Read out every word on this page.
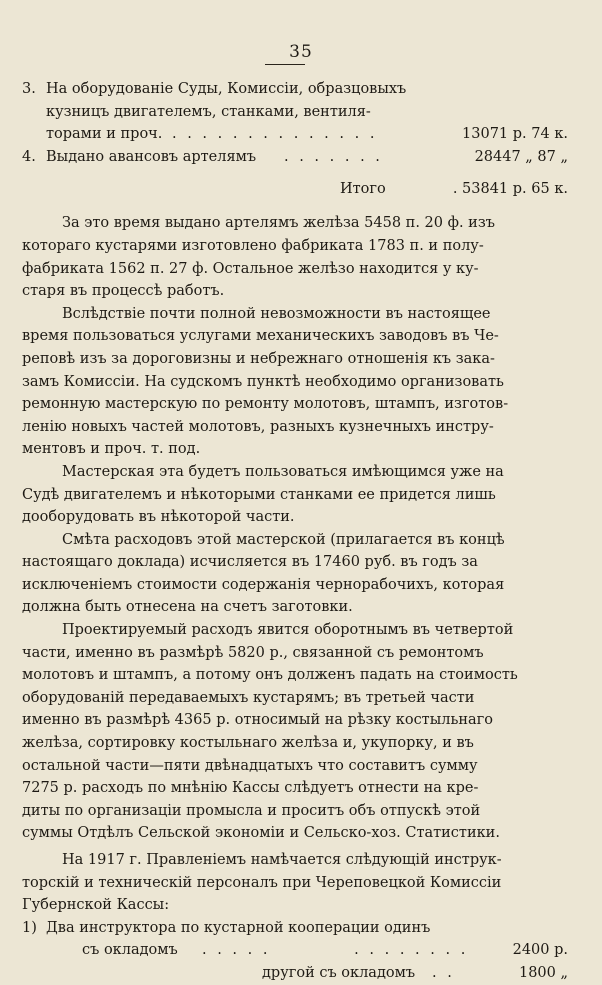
35
3. На оборудованіе Суды, Комиссіи, образцовыхъ
кузницъ двигателемъ, станками, вентиля-
торами и проч. . . . . . . . . . . . . . .	13071 р. 74 к.
4. Выдано авансовъ артелямъ . . . . . . .	28447 „ 87 „
Итого	. 53841 р. 65 к.
За это время выдано артелямъ желѣза 5458 п. 20 ф. изъ
котораго кустарями изготовлено фабриката 1783 п. и полу-
фабриката 1562 п. 27 ф. Остальное желѣзо находится у ку-
старя въ процессѣ работъ.
Вслѣдствіе почти полной невозможности въ настоящее
время пользоваться услугами механическихъ заводовъ въ Че-
реповѣ изъ за дороговизны и небрежнаго отношенія къ зака-
замъ Комиссіи. На судскомъ пунктѣ необходимо организовать
ремонную мастерскую по ремонту молотовъ, штампъ, изготов-
ленію новыхъ частей молотовъ, разныхъ кузнечныхъ инстру-
ментовъ и проч. т. под.
Мастерская эта будетъ пользоваться имѣющимся уже на
Судѣ двигателемъ и нѣкоторыми станками ее придется лишь
дооборудовать въ нѣкоторой части.
Смѣта расходовъ этой мастерской (прилагается въ концѣ
настоящаго доклада) исчисляется въ 17460 руб. въ годъ за
исключеніемъ стоимости содержанія чернорабочихъ, которая
должна быть отнесена на счетъ заготовки.
Проектируемый расходъ явится оборотнымъ въ четвертой
части, именно въ размѣрѣ 5820 р., связанной съ ремонтомъ
молотовъ и штампъ, а потому онъ долженъ падать на стоимость
оборудованій передаваемыхъ кустарямъ; въ третьей части
именно въ размѣрѣ 4365 р. относимый на рѣзку костыльнаго
желѣза, сортировку костыльнаго желѣза и, укупорку, и въ
остальной части—пяти двѣнадцатыхъ что составитъ сумму
7275 р. расходъ по мнѣнію Кассы слѣдуетъ отнести на кре-
диты по организаціи промысла и проситъ объ отпускѣ этой
суммы Отдѣлъ Сельской экономіи и Сельско-хоз. Статистики.
На 1917 г. Правленіемъ намѣчается слѣдующій инструк-
торскій и техническій персоналъ при Череповецкой Комиссіи
Губернской Кассы:
1) Два инструктора по кустарной кооперации одинъ
съ окладомъ . . . . .           . . . . . . . .	2400 р.
другой съ окладомъ . .	1800 „
